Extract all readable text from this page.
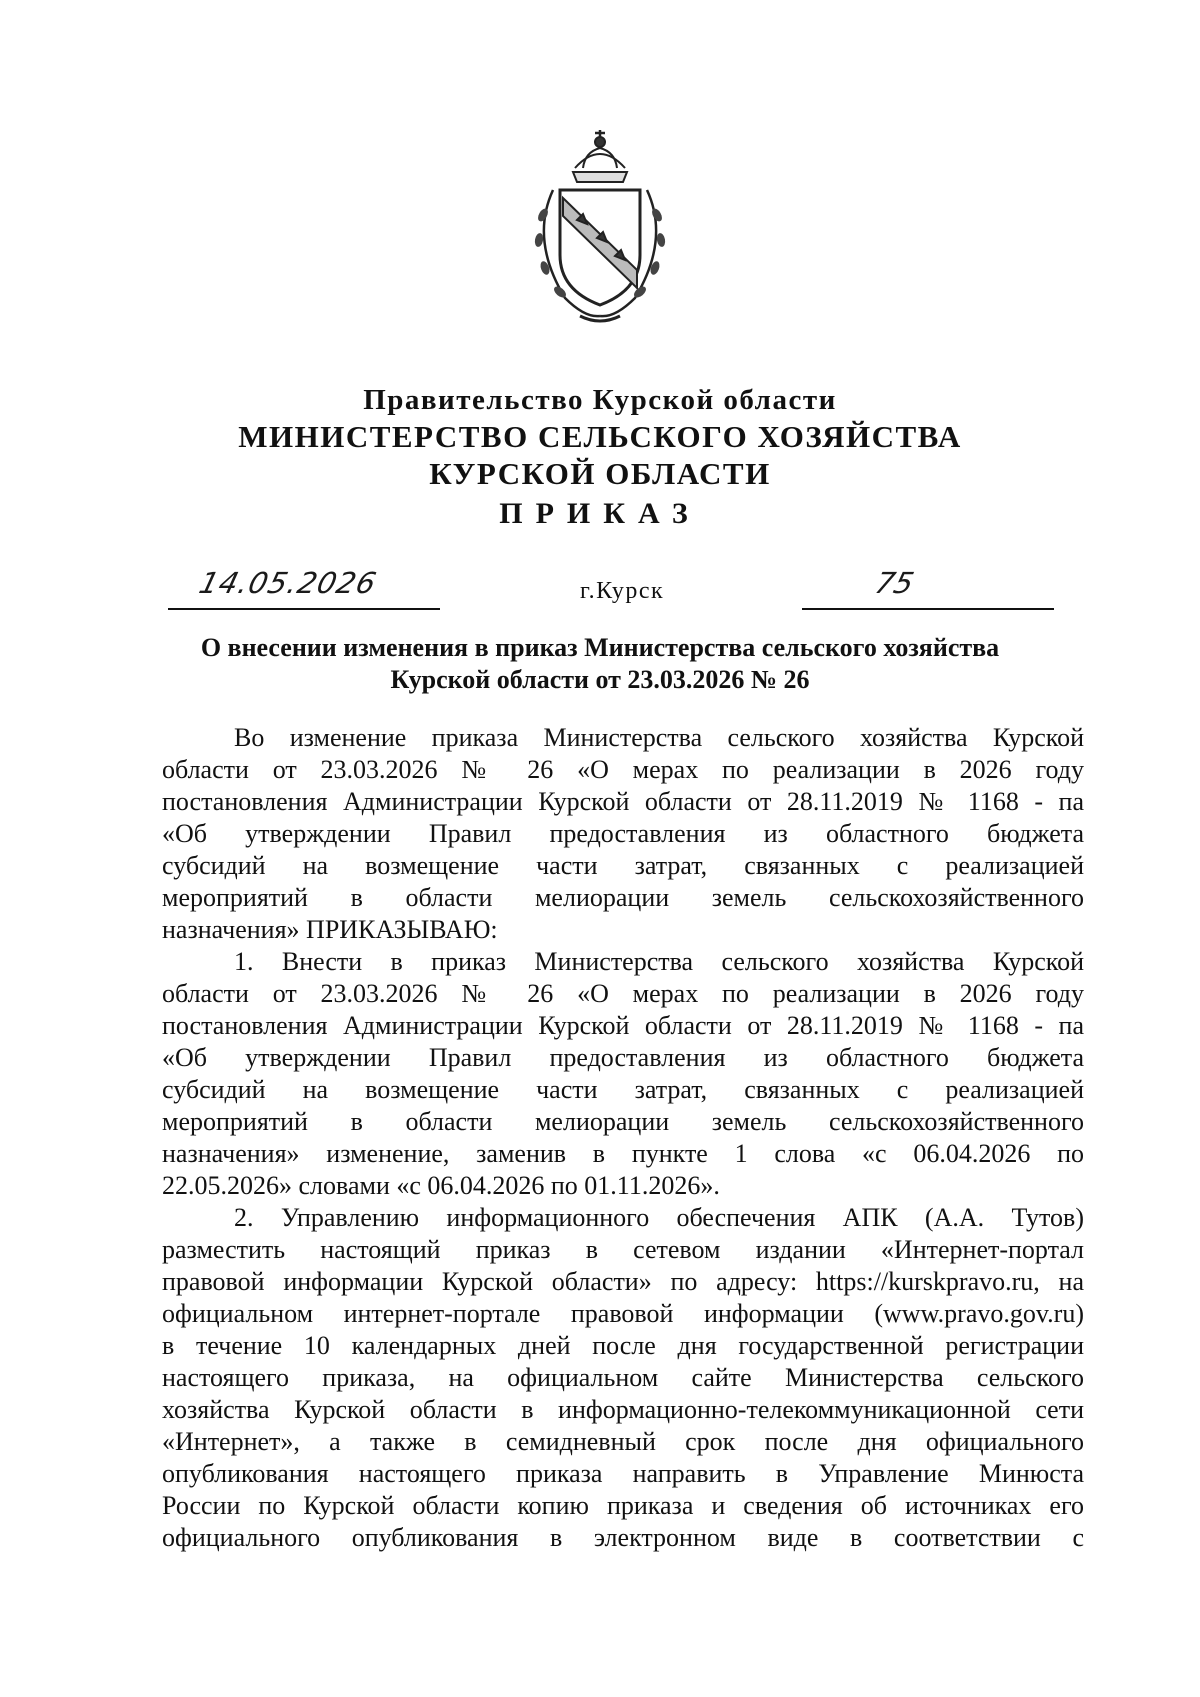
Правительство Курской области
МИНИСТЕРСТВО СЕЛЬСКОГО ХОЗЯЙСТВА
КУРСКОЙ ОБЛАСТИ
ПРИКАЗ
14.05.2026	г.Курск	75
О внесении изменения в приказ Министерства сельского хозяйства
Курской области от 23.03.2026 № 26

Во изменение приказа Министерства сельского хозяйства Курской

области от 23.03.2026 № 26 «О мерах по реализации в 2026 году

постановления Администрации Курской области от 28.11.2019 № 1168 - па

«Об утверждении Правил предоставления из областного бюджета

субсидий на возмещение части затрат, связанных с реализацией

мероприятий в области мелиорации земель сельскохозяйственного

назначения» ПРИКАЗЫВАЮ:

1. Внести в приказ Министерства сельского хозяйства Курской

области от 23.03.2026 № 26 «О мерах по реализации в 2026 году

постановления Администрации Курской области от 28.11.2019 № 1168 - па

«Об утверждении Правил предоставления из областного бюджета

субсидий на возмещение части затрат, связанных с реализацией

мероприятий в области мелиорации земель сельскохозяйственного

назначения» изменение, заменив в пункте 1 слова «с 06.04.2026 по

22.05.2026» словами «с 06.04.2026 по 01.11.2026».

2. Управлению информационного обеспечения АПК (А.А. Тутов)

разместить настоящий приказ в сетевом издании «Интернет-портал

правовой информации Курской области» по адресу: https://kurskpravo.ru, на

официальном интернет-портале правовой информации (www.pravo.gov.ru)

в течение 10 календарных дней после дня государственной регистрации

настоящего приказа, на официальном сайте Министерства сельского

хозяйства Курской области в информационно-телекоммуникационной сети

«Интернет», а также в семидневный срок после дня официального

опубликования настоящего приказа направить в Управление Минюста

России по Курской области копию приказа и сведения об источниках его

официального опубликования в электронном виде в соответствии с
